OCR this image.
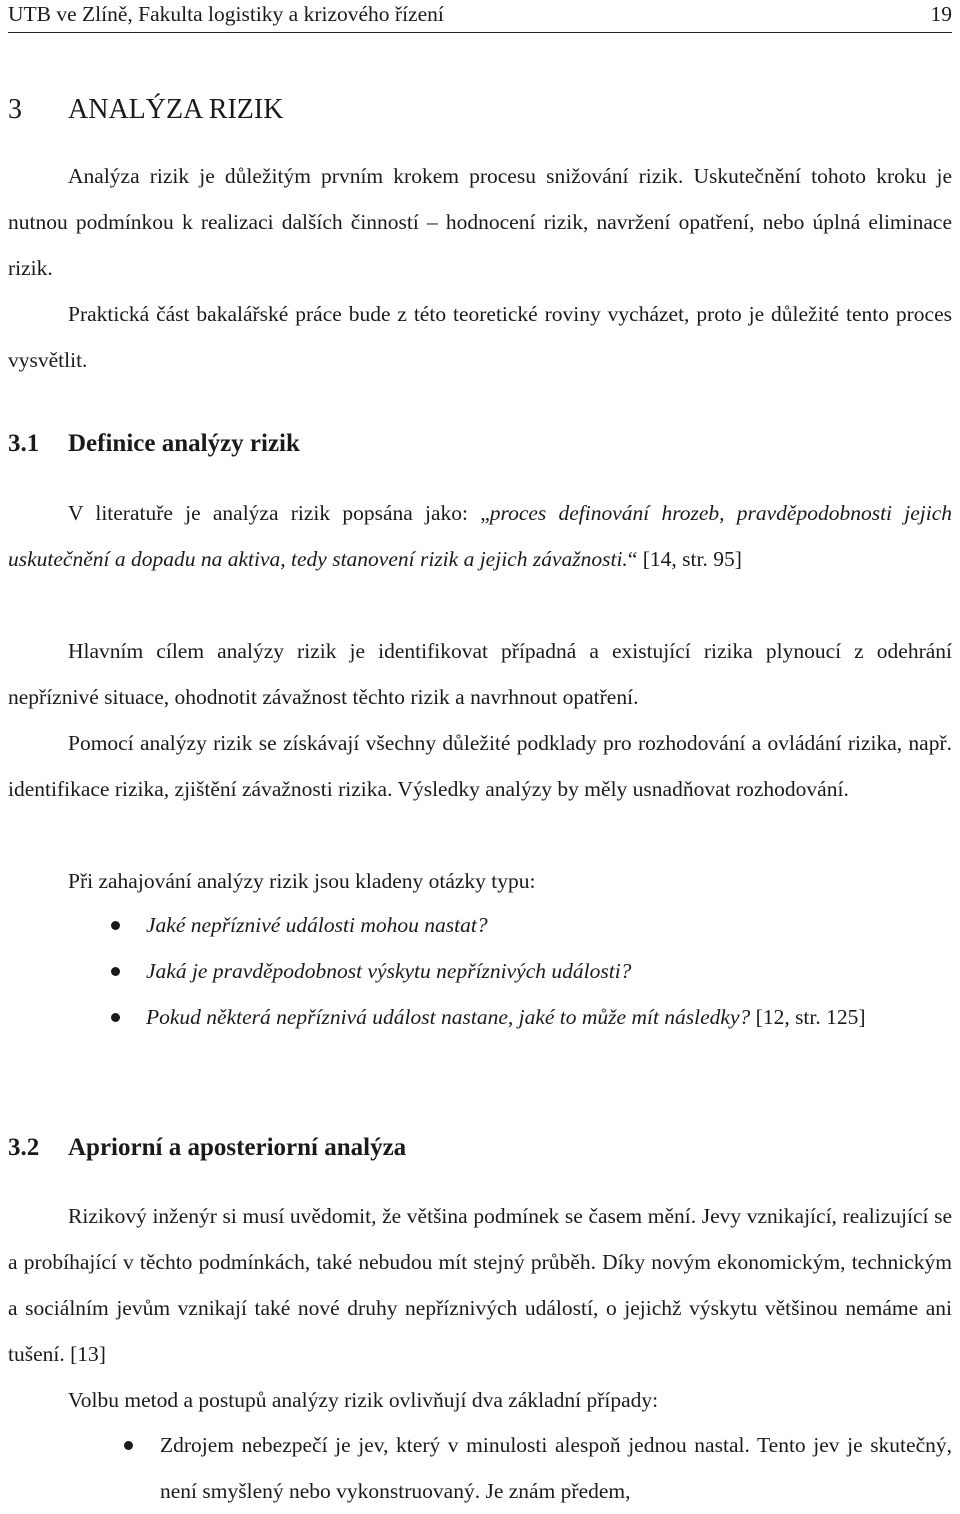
UTB ve Zlíně, Fakulta logistiky a krizového řízení	19
3 ANALÝZA RIZIK
Analýza rizik je důležitým prvním krokem procesu snižování rizik. Uskutečnění tohoto kroku je nutnou podmínkou k realizaci dalších činností – hodnocení rizik, navržení opatření, nebo úplná eliminace rizik.
Praktická část bakalářské práce bude z této teoretické roviny vycházet, proto je důležité tento proces vysvětlit.
3.1 Definice analýzy rizik
V literatuře je analýza rizik popsána jako: „proces definování hrozeb, pravděpodobnosti jejich uskutečnění a dopadu na aktiva, tedy stanovení rizik a jejich závažnosti.“ [14, str. 95]
Hlavním cílem analýzy rizik je identifikovat případná a existující rizika plynoucí z odehrání nepříznivé situace, ohodnotit závažnost těchto rizik a navrhnout opatření.
Pomocí analýzy rizik se získávají všechny důležité podklady pro rozhodování a ovládání rizika, např. identifikace rizika, zjištění závažnosti rizika. Výsledky analýzy by měly usnadňovat rozhodování.
Při zahajování analýzy rizik jsou kladeny otázky typu:
Jaké nepříznivé události mohou nastat?
Jaká je pravděpodobnost výskytu nepříznivých události?
Pokud některá nepříznivá událost nastane, jaké to může mít následky? [12, str. 125]
3.2 Apriorní a aposteriorní analýza
Rizikový inženýr si musí uvědomit, že většina podmínek se časem mění. Jevy vznikající, realizující se a probíhající v těchto podmínkách, také nebudou mít stejný průběh. Díky novým ekonomickým, technickým a sociálním jevům vznikají také nové druhy nepříznivých událostí, o jejichž výskytu většinou nemáme ani tušení. [13]
Volbu metod a postupů analýzy rizik ovlivňují dva základní případy:
Zdrojem nebezpečí je jev, který v minulosti alespoň jednou nastal. Tento jev je skutečný, není smyšlený nebo vykonstruovaný. Je znám předem,
